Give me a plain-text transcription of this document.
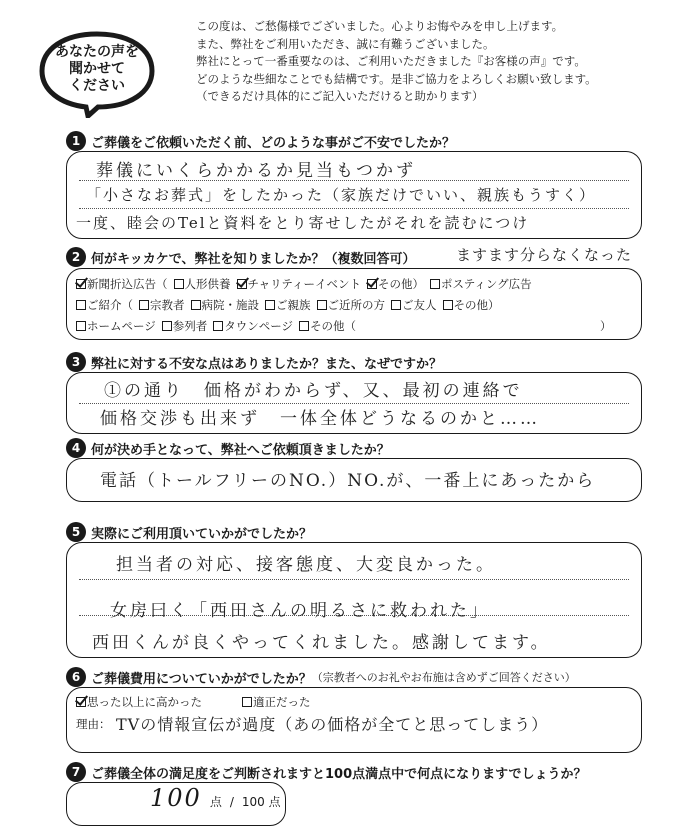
あなたの声を
聞かせて
ください
この度は、ご愁傷様でございました。心よりお悔やみを申し上げます。
また、弊社をご利用いただき、誠に有難うございました。
弊社にとって一番重要なのは、ご利用いただきました『お客様の声』です。
どのような些細なことでも結構です。是非ご協力をよろしくお願い致します。
（できるだけ具体的にご記入いただけると助かります）
1 ご葬儀をご依頼いただく前、どのような事がご不安でしたか？
葬儀にいくらかかるか見当もつかず
「小さなお葬式」をしたかった（家族だけでいい、親族もうすく）
一度、睦会のTelと資料をとり寄せしたがそれを読むにつけ
2 何がキッカケで、弊社を知りましたか？（複数回答可）	ますます分らなくなった
新聞折込広告（ 人形供養 チャリティーイベント その他） ポスティング広告
ご紹介（ 宗教者 病院・施設 ご親族 ご近所の方 ご友人 その他）
ホームページ 参列者 タウンページ その他（	）
3 弊社に対する不安な点はありましたか？また、なぜですか？
①の通り　価格がわからず、又、最初の連絡で
価格交渉も出来ず　一体全体どうなるのかと……
4 何が決め手となって、弊社へご依頼頂きましたか？
電話（トールフリーのNO.）NO.が、一番上にあったから
5 実際にご利用頂いていかがでしたか？
担当者の対応、接客態度、大変良かった。
女房曰く「西田さんの明るさに救われた」
西田くんが良くやってくれました。感謝してます。
6 ご葬儀費用についていかがでしたか？ （宗教者へのお礼やお布施は含めずご回答ください）
思った以上に高かった	適正だった
理由： TVの情報宣伝が過度（あの価格が全てと思ってしまう）
7 ご葬儀全体の満足度をご判断されますと100点満点中で何点になりますでしょうか？
100 点 / 100 点
